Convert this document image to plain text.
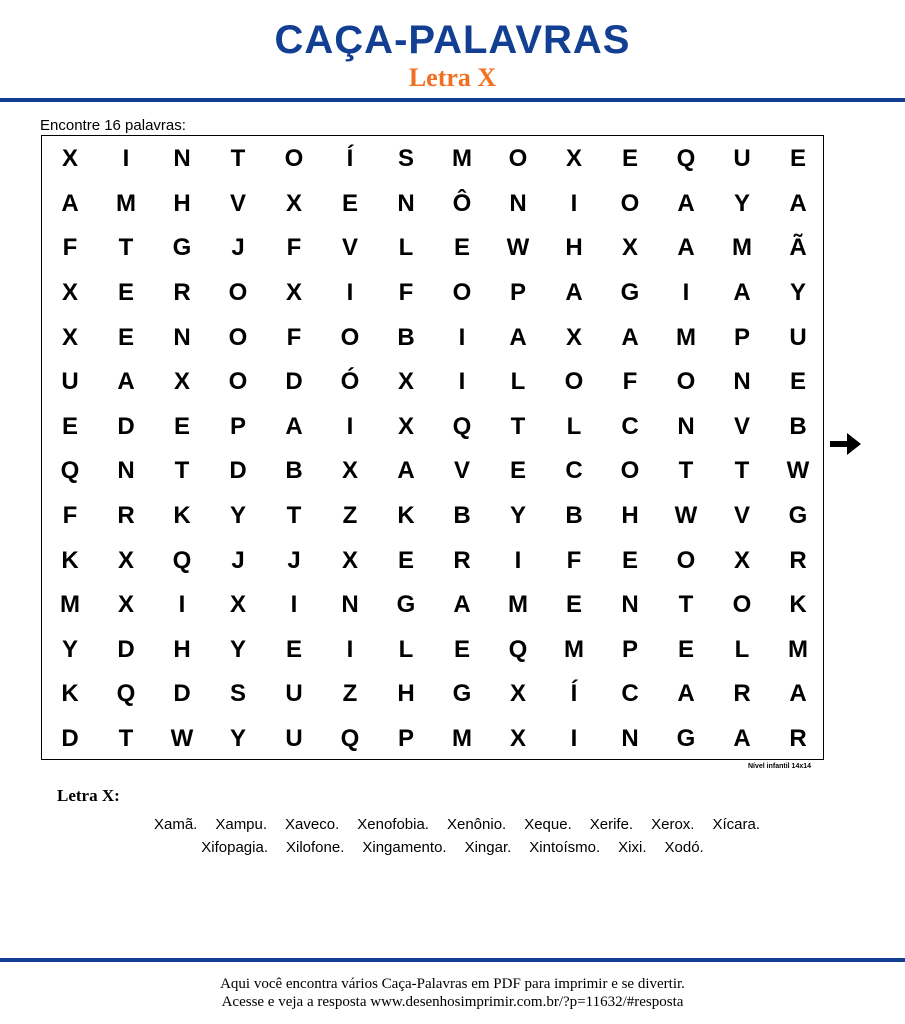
CAÇA-PALAVRAS
Letra X
Encontre 16 palavras:
X	I	N	T	O	Í	S	M	O	X	E	Q	U	E
A	M	H	V	X	E	N	Ô	N	I	O	A	Y	A
F	T	G	J	F	V	L	E	W	H	X	A	M	Ã
X	E	R	O	X	I	F	O	P	A	G	I	A	Y
X	E	N	O	F	O	B	I	A	X	A	M	P	U
U	A	X	O	D	Ó	X	I	L	O	F	O	N	E
E	D	E	P	A	I	X	Q	T	L	C	N	V	B
Q	N	T	D	B	X	A	V	E	C	O	T	T	W
F	R	K	Y	T	Z	K	B	Y	B	H	W	V	G
K	X	Q	J	J	X	E	R	I	F	E	O	X	R
M	X	I	X	I	N	G	A	M	E	N	T	O	K
Y	D	H	Y	E	I	L	E	Q	M	P	E	L	M
K	Q	D	S	U	Z	H	G	X	Í	C	A	R	A
D	T	W	Y	U	Q	P	M	X	I	N	G	A	R
Nível infantil 14x14
Letra X:
Xamã. Xampu. Xaveco. Xenofobia. Xenônio. Xeque. Xerife. Xerox. Xícara.
Xifopagia. Xilofone. Xingamento. Xingar. Xintoísmo. Xixi. Xodó.
Aqui você encontra vários Caça-Palavras em PDF para imprimir e se divertir.
Acesse e veja a resposta www.desenhosimprimir.com.br/?p=11632/#resposta
